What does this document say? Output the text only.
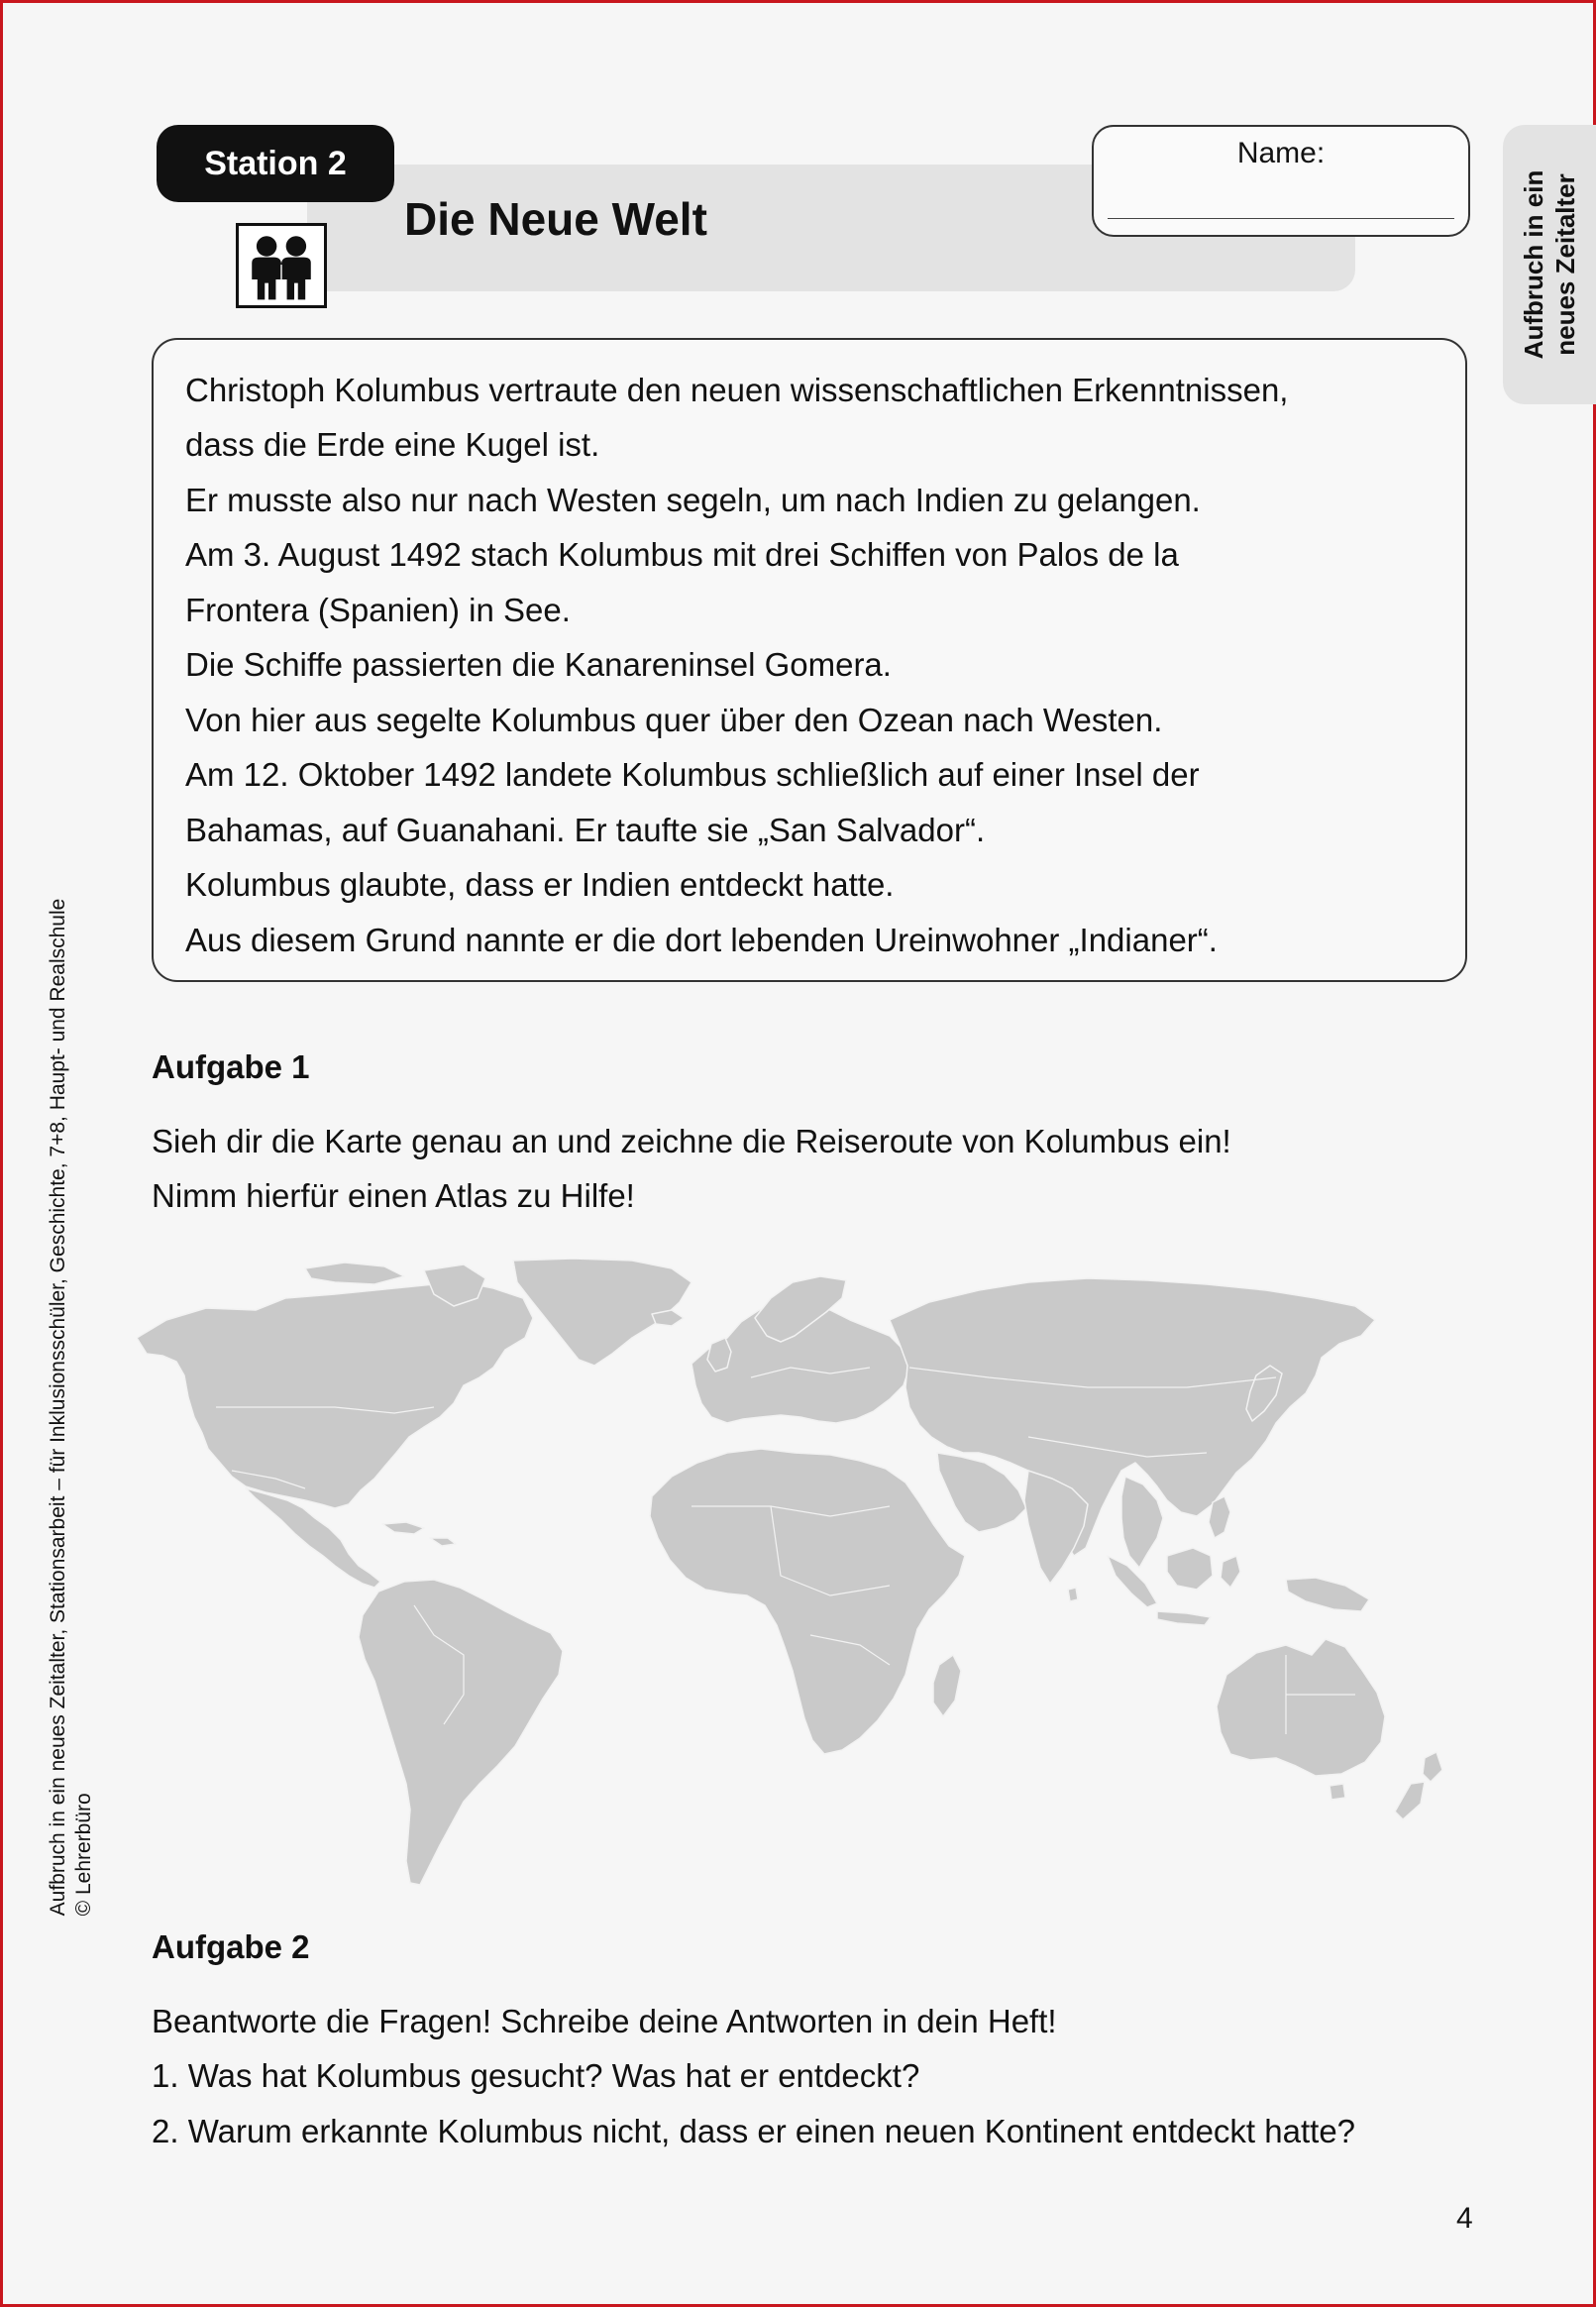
Station 2
Die Neue Welt
Name:
Aufbruch in ein neues Zeitalter
Christoph Kolumbus vertraute den neuen wissenschaftlichen Erkenntnissen,
dass die Erde eine Kugel ist.
Er musste also nur nach Westen segeln, um nach Indien zu gelangen.
Am 3. August 1492 stach Kolumbus mit drei Schiffen von Palos de la
Frontera (Spanien) in See.
Die Schiffe passierten die Kanareninsel Gomera.
Von hier aus segelte Kolumbus quer über den Ozean nach Westen.
Am 12. Oktober 1492 landete Kolumbus schließlich auf einer Insel der
Bahamas, auf Guanahani. Er taufte sie „San Salvador“.
Kolumbus glaubte, dass er Indien entdeckt hatte.
Aus diesem Grund nannte er die dort lebenden Ureinwohner „Indianer“.
Aufgabe 1
Sieh dir die Karte genau an und zeichne die Reiseroute von Kolumbus ein!
Nimm hierfür einen Atlas zu Hilfe!
Aufgabe 2
Beantworte die Fragen! Schreibe deine Antworten in dein Heft!
1. Was hat Kolumbus gesucht? Was hat er entdeckt?
2. Warum erkannte Kolumbus nicht, dass er einen neuen Kontinent entdeckt hatte?
Aufbruch in ein neues Zeitalter, Stationsarbeit – für Inklusionsschüler, Geschichte, 7+8, Haupt- und Realschule © Lehrerbüro
4
